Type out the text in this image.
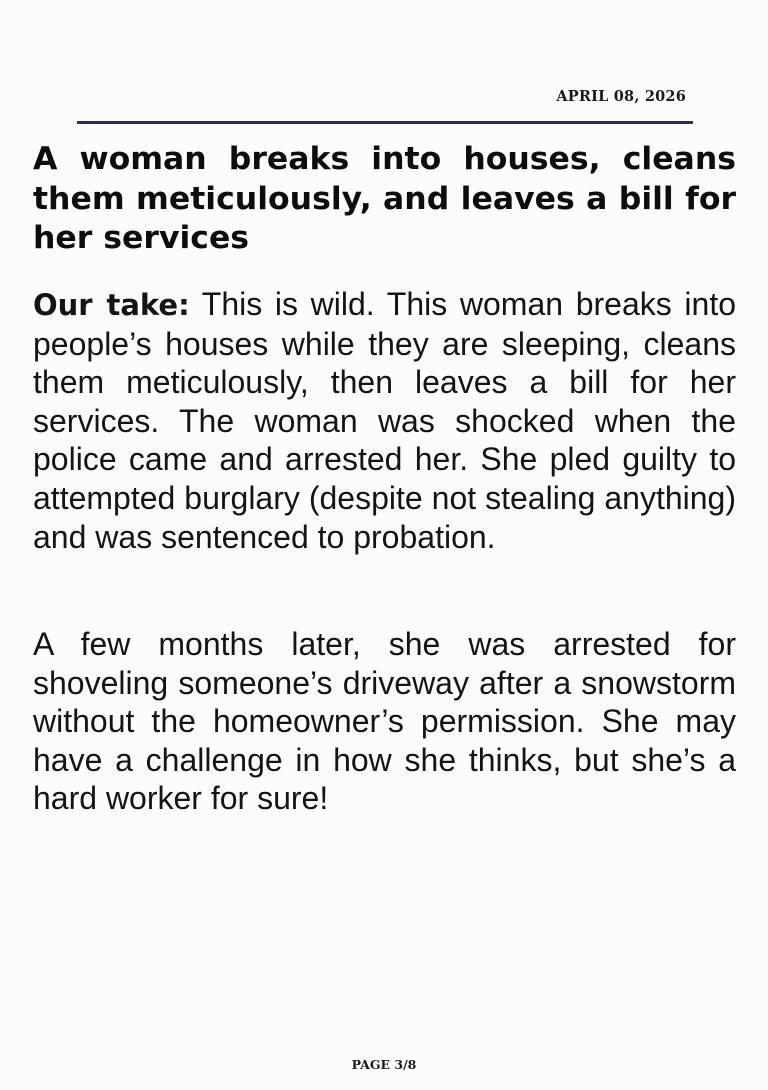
APRIL 08, 2026
A woman breaks into houses, cleans them meticulously, and leaves a bill for her services

Our take: This is wild. This woman breaks into people’s houses while they are sleeping, cleans them meticulously, then leaves a bill for her services. The woman was shocked when the police came and arrested her. She pled guilty to attempted burglary (despite not stealing anything) and was sentenced to probation.

A few months later, she was arrested for shoveling someone’s driveway after a snowstorm without the homeowner’s permission. She may have a challenge in how she thinks, but she’s a hard worker for sure!

PAGE 3/8
